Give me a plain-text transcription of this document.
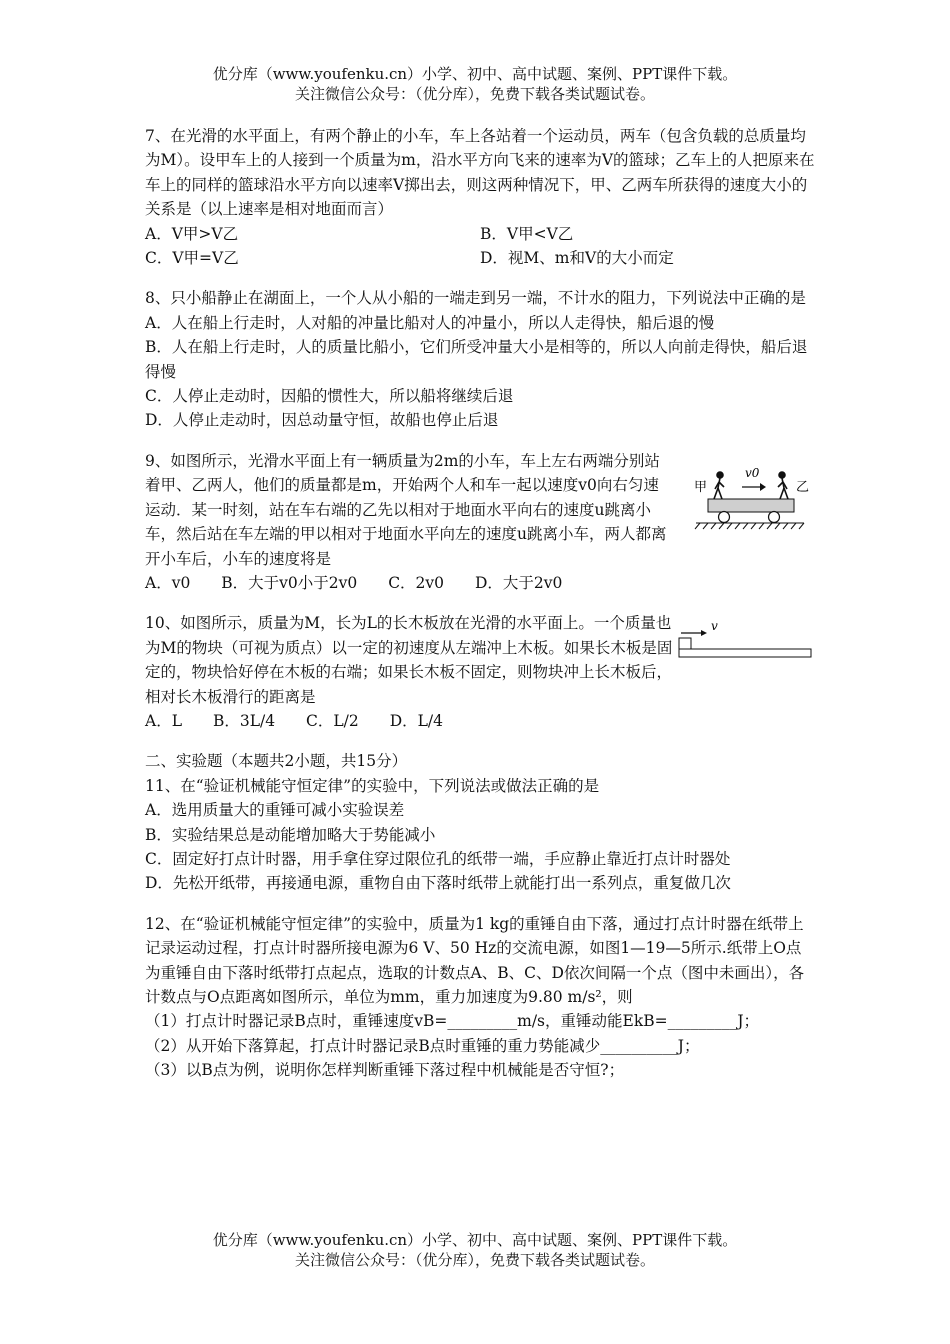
优分库（www.youfenku.cn）小学、初中、高中试题、案例、PPT课件下载。
关注微信公众号：（优分库），免费下载各类试题试卷。

7、在光滑的水平面上，有两个静止的小车，车上各站着一个运动员，两车（包含负载的总质量均为M）。设甲车上的人接到一个质量为m，沿水平方向飞来的速率为V的篮球；乙车上的人把原来在车上的同样的篮球沿水平方向以速率V掷出去，则这两种情况下，甲、乙两车所获得的速度大小的关系是（以上速率是相对地面而言）

A．V甲>V乙	B．V甲<V乙

C．V甲=V乙	D．视M、m和V的大小而定

8、只小船静止在湖面上，一个人从小船的一端走到另一端，不计水的阻力，下列说法中正确的是

A．人在船上行走时，人对船的冲量比船对人的冲量小，所以人走得快，船后退的慢

B．人在船上行走时，人的质量比船小，它们所受冲量大小是相等的，所以人向前走得快，船后退得慢

C．人停止走动时，因船的惯性大，所以船将继续后退

D．人停止走动时，因总动量守恒，故船也停止后退

9、如图所示，光滑水平面上有一辆质量为2m的小车，车上左右两端分别站着甲、乙两人，他们的质量都是m，开始两个人和车一起以速度v0向右匀速运动．某一时刻，站在车右端的乙先以相对于地面水平向右的速度u跳离小车，然后站在车左端的甲以相对于地面水平向左的速度u跳离小车，两人都离开小车后，小车的速度将是

A．v0 B．大于v0小于2v0 C．2v0 D．大于2v0

甲	乙
v0

10、如图所示，质量为M，长为L的长木板放在光滑的水平面上。一个质量也为M的物块（可视为质点）以一定的初速度从左端冲上木板。如果长木板是固定的，物块恰好停在木板的右端；如果长木板不固定，则物块冲上长木板后，相对长木板滑行的距离是

A．L B．3L/4 C．L/2 D．L/4

v

二、实验题（本题共2小题，共15分）

11、在“验证机械能守恒定律”的实验中，下列说法或做法正确的是

A．选用质量大的重锤可减小实验误差

B．实验结果总是动能增加略大于势能减小

C．固定好打点计时器，用手拿住穿过限位孔的纸带一端，手应静止靠近打点计时器处

D．先松开纸带，再接通电源，重物自由下落时纸带上就能打出一系列点，重复做几次

12、在“验证机械能守恒定律”的实验中，质量为1 kg的重锤自由下落，通过打点计时器在纸带上记录运动过程，打点计时器所接电源为6 V、50 Hz的交流电源，如图1—19—5所示.纸带上O点为重锤自由下落时纸带打点起点，选取的计数点A、B、C、D依次间隔一个点（图中未画出），各计数点与O点距离如图所示，单位为mm，重力加速度为9.80 m/s²，则

（1）打点计时器记录B点时，重锤速度vB=_________m/s，重锤动能EkB=_________J；

（2）从开始下落算起，打点计时器记录B点时重锤的重力势能减少__________J；

（3）以B点为例，说明你怎样判断重锤下落过程中机械能是否守恒?；

优分库（www.youfenku.cn）小学、初中、高中试题、案例、PPT课件下载。
关注微信公众号：（优分库），免费下载各类试题试卷。
